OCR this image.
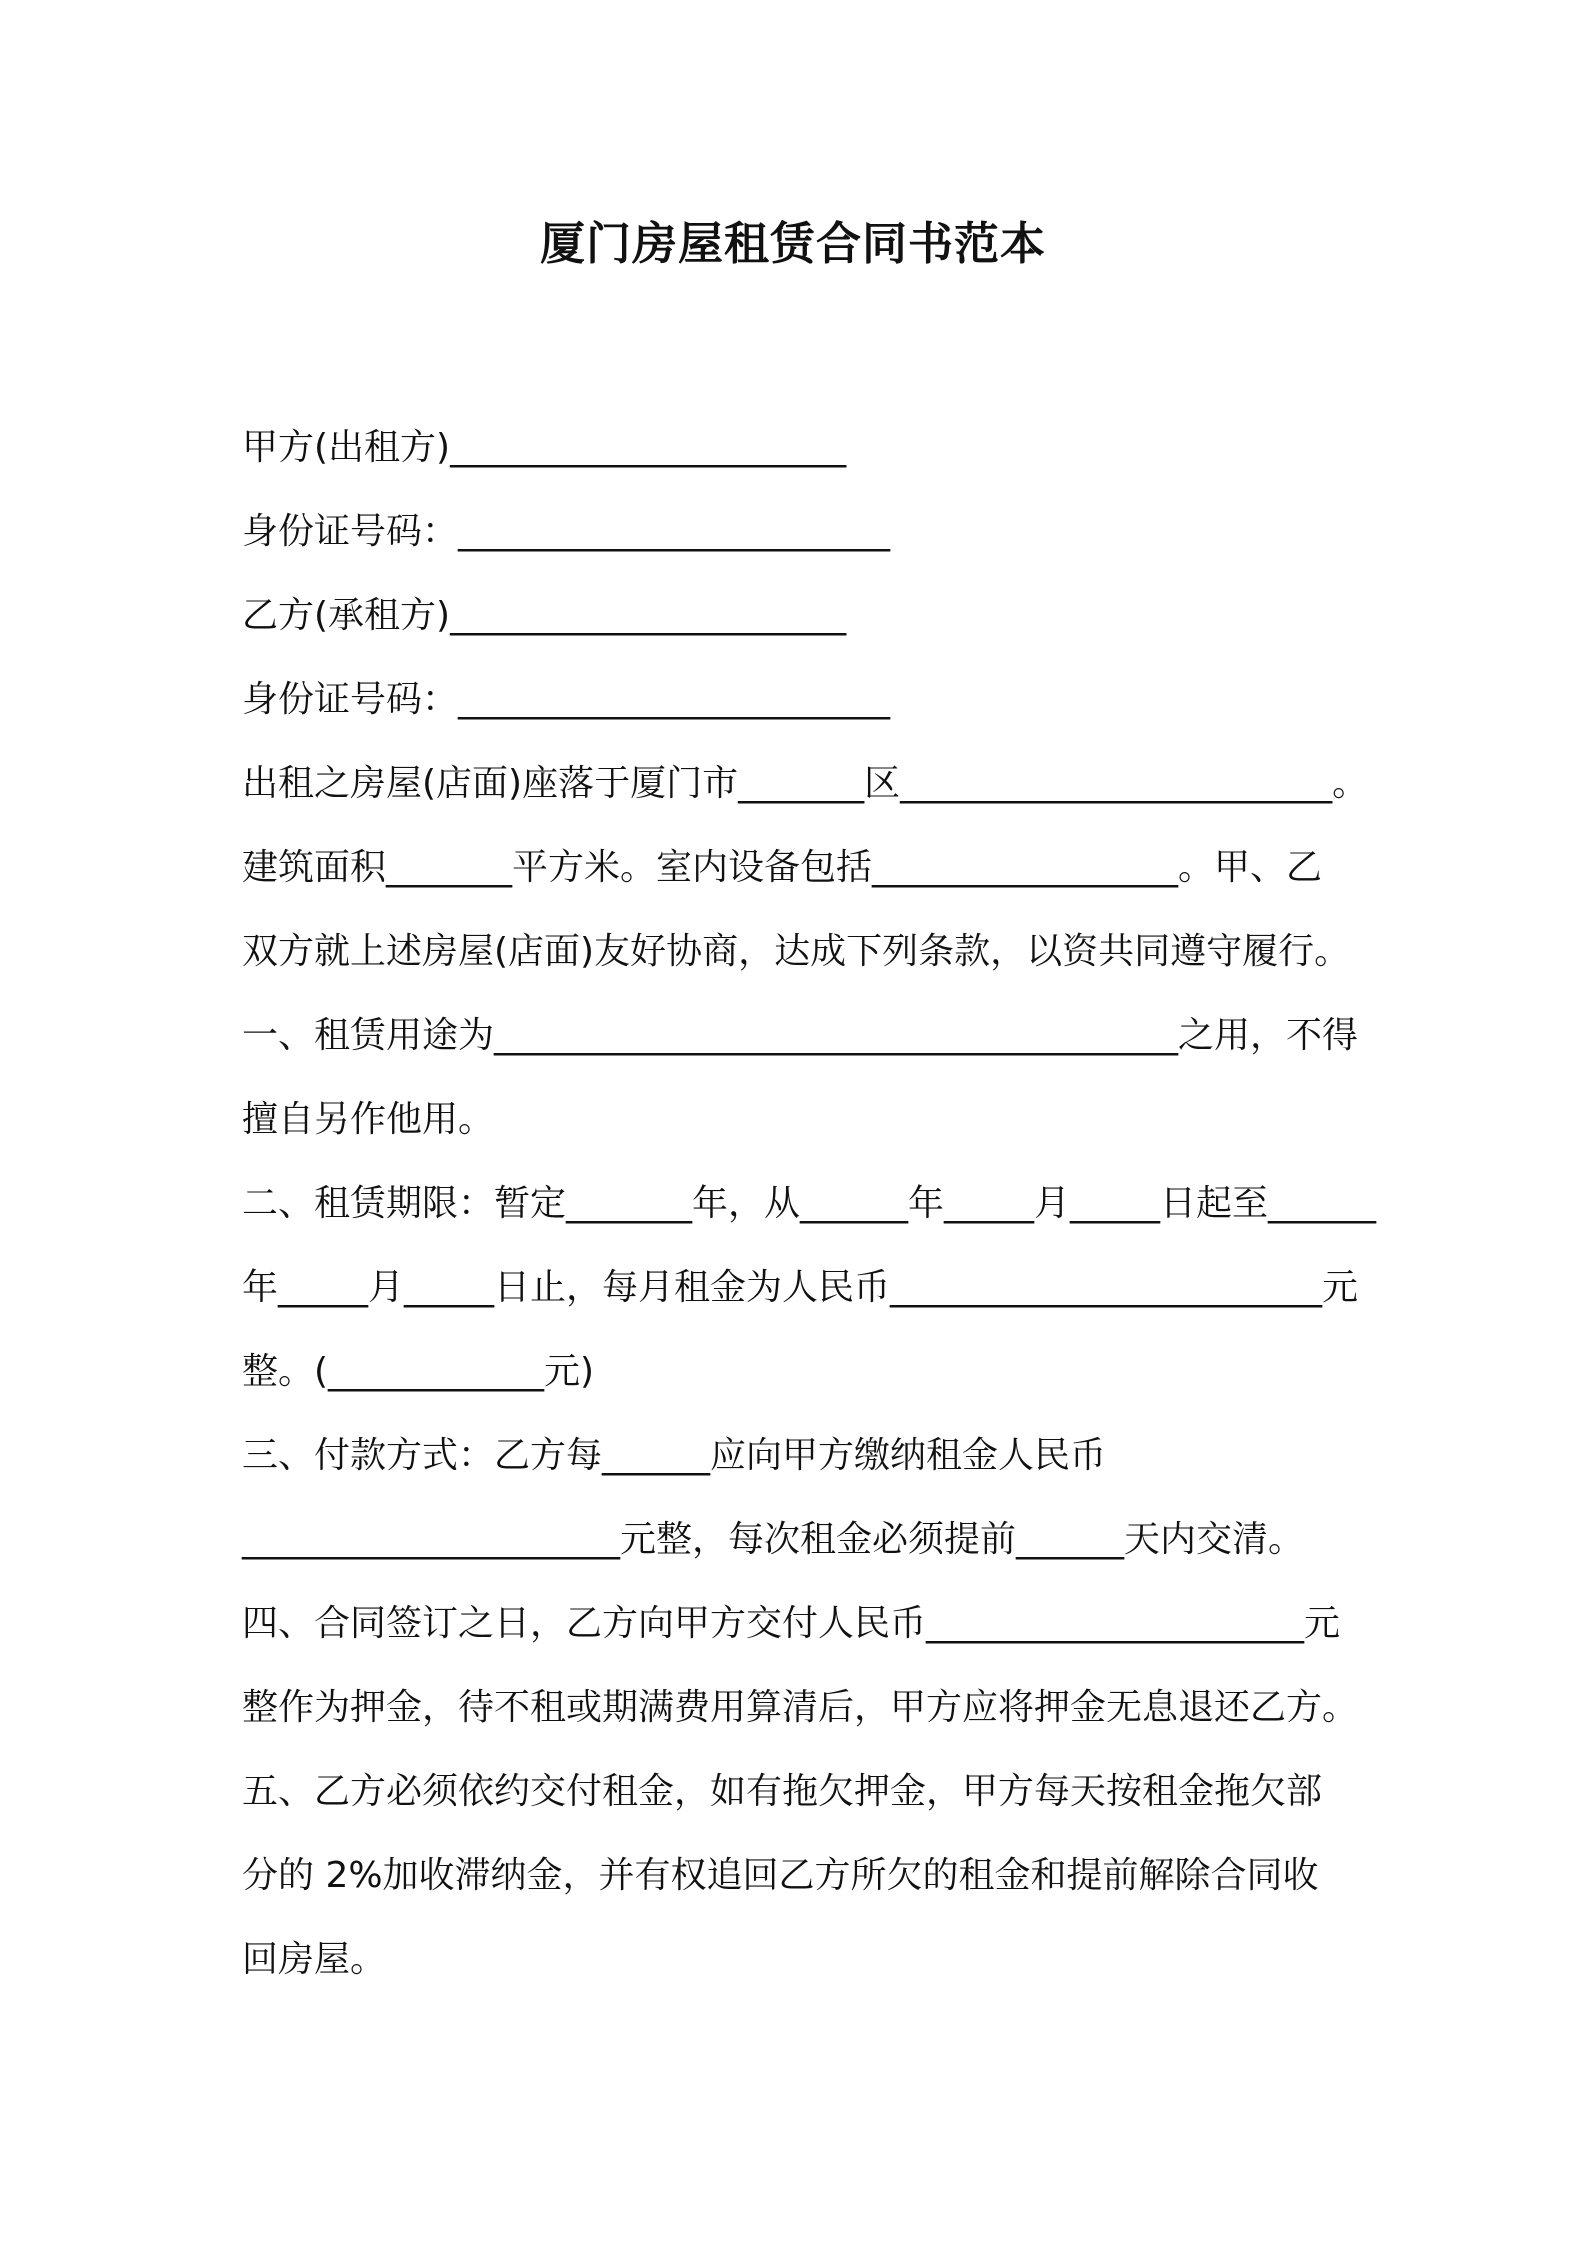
厦门房屋租赁合同书范本
甲方(出租方)______________________
身份证号码：________________________
乙方(承租方)______________________
身份证号码：________________________
出租之房屋(店面)座落于厦门市_______区________________________。
建筑面积_______平方米。室内设备包括_________________。甲、乙
双方就上述房屋(店面)友好协商，达成下列条款，以资共同遵守履行。
一、租赁用途为______________________________________之用，不得
擅自另作他用。
二、租赁期限：暂定_______年，从______年_____月_____日起至______
年_____月_____日止，每月租金为人民币________________________元
整。(____________元)
三、付款方式：乙方每______应向甲方缴纳租金人民币
_____________________元整，每次租金必须提前______天内交清。
四、合同签订之日，乙方向甲方交付人民币_____________________元
整作为押金，待不租或期满费用算清后，甲方应将押金无息退还乙方。
五、乙方必须依约交付租金，如有拖欠押金，甲方每天按租金拖欠部
分的 2%加收滞纳金，并有权追回乙方所欠的租金和提前解除合同收
回房屋。
